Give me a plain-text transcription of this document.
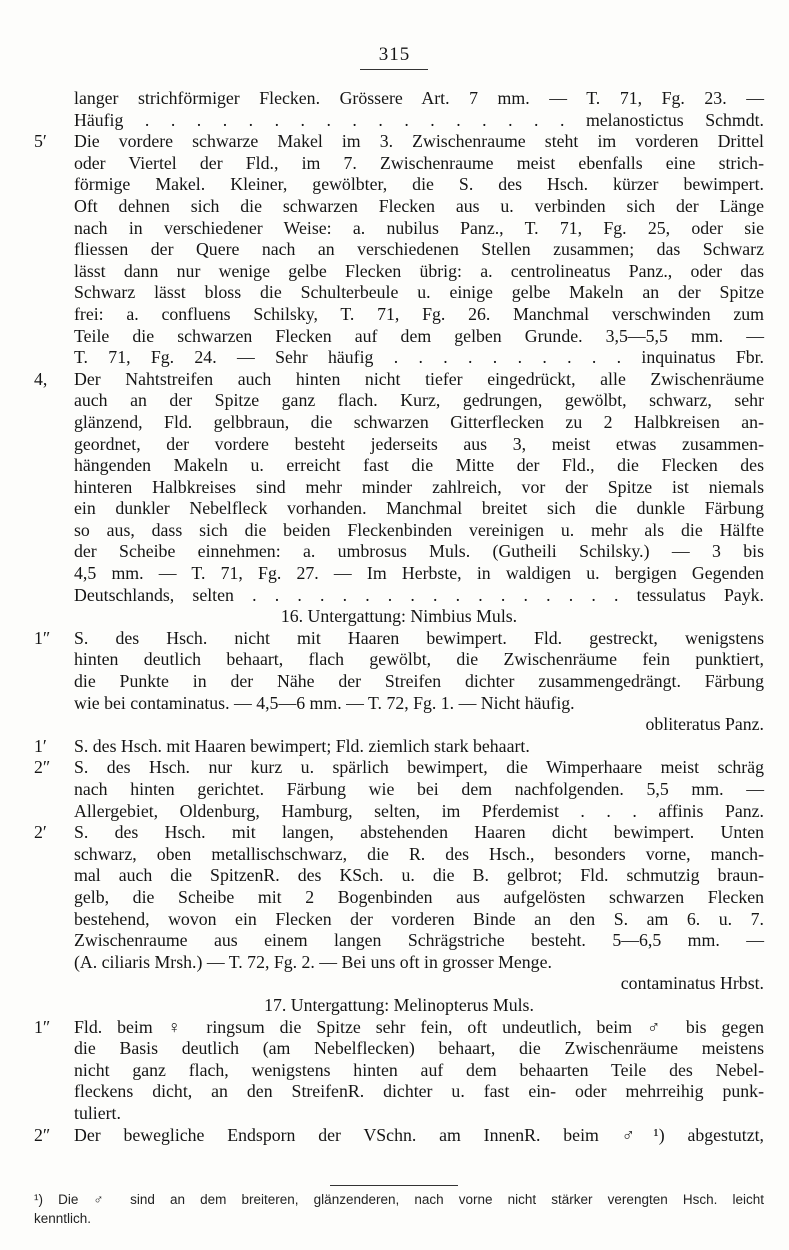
315
langer strichförmiger Flecken. Grössere Art. 7 mm. — T. 71, Fg. 23. —
Häufig . . . . . . . . . . . . . . . . . melanostictus Schmdt.
5′	Die vordere schwarze Makel im 3. Zwischenraume steht im vorderen Drittel
oder Viertel der Fld., im 7. Zwischenraume meist ebenfalls eine strich-
förmige Makel. Kleiner, gewölbter, die S. des Hsch. kürzer bewimpert.
Oft dehnen sich die schwarzen Flecken aus u. verbinden sich der Länge
nach in verschiedener Weise: a. nubilus Panz., T. 71, Fg. 25, oder sie
fliessen der Quere nach an verschiedenen Stellen zusammen; das Schwarz
lässt dann nur wenige gelbe Flecken übrig: a. centrolineatus Panz., oder das
Schwarz lässt bloss die Schulterbeule u. einige gelbe Makeln an der Spitze
frei: a. confluens Schilsky, T. 71, Fg. 26. Manchmal verschwinden zum
Teile die schwarzen Flecken auf dem gelben Grunde. 3,5—5,5 mm. —
T. 71, Fg. 24. — Sehr häufig . . . . . . . . . . inquinatus Fbr.
4,	Der Nahtstreifen auch hinten nicht tiefer eingedrückt, alle Zwischenräume
auch an der Spitze ganz flach. Kurz, gedrungen, gewölbt, schwarz, sehr
glänzend, Fld. gelbbraun, die schwarzen Gitterflecken zu 2 Halbkreisen an-
geordnet, der vordere besteht jederseits aus 3, meist etwas zusammen-
hängenden Makeln u. erreicht fast die Mitte der Fld., die Flecken des
hinteren Halbkreises sind mehr minder zahlreich, vor der Spitze ist niemals
ein dunkler Nebelfleck vorhanden. Manchmal breitet sich die dunkle Färbung
so aus, dass sich die beiden Fleckenbinden vereinigen u. mehr als die Hälfte
der Scheibe einnehmen: a. umbrosus Muls. (Gutheili Schilsky.) — 3 bis
4,5 mm. — T. 71, Fg. 27. — Im Herbste, in waldigen u. bergigen Gegenden
Deutschlands, selten . . . . . . . . . . . . . . . . . tessulatus Payk.
16. Untergattung: Nimbius Muls.
1″	S. des Hsch. nicht mit Haaren bewimpert. Fld. gestreckt, wenigstens
hinten deutlich behaart, flach gewölbt, die Zwischenräume fein punktiert,
die Punkte in der Nähe der Streifen dichter zusammengedrängt. Färbung
wie bei contaminatus. — 4,5—6 mm. — T. 72, Fg. 1. — Nicht häufig.
obliteratus Panz.
1′	S. des Hsch. mit Haaren bewimpert; Fld. ziemlich stark behaart.
2″	S. des Hsch. nur kurz u. spärlich bewimpert, die Wimperhaare meist schräg
nach hinten gerichtet. Färbung wie bei dem nachfolgenden. 5,5 mm. —
Allergebiet, Oldenburg, Hamburg, selten, im Pferdemist . . . affinis Panz.
2′	S. des Hsch. mit langen, abstehenden Haaren dicht bewimpert. Unten
schwarz, oben metallischschwarz, die R. des Hsch., besonders vorne, manch-
mal auch die SpitzenR. des KSch. u. die B. gelbrot; Fld. schmutzig braun-
gelb, die Scheibe mit 2 Bogenbinden aus aufgelösten schwarzen Flecken
bestehend, wovon ein Flecken der vorderen Binde an den S. am 6. u. 7.
Zwischenraume aus einem langen Schrägstriche besteht. 5—6,5 mm. —
(A. ciliaris Mrsh.) — T. 72, Fg. 2. — Bei uns oft in grosser Menge.
contaminatus Hrbst.
17. Untergattung: Melinopterus Muls.
1″	Fld. beim ♀ ringsum die Spitze sehr fein, oft undeutlich, beim ♂ bis gegen
die Basis deutlich (am Nebelflecken) behaart, die Zwischenräume meistens
nicht ganz flach, wenigstens hinten auf dem behaarten Teile des Nebel-
fleckens dicht, an den StreifenR. dichter u. fast ein- oder mehrreihig punk-
tuliert.
2″	Der bewegliche Endsporn der VSchn. am InnenR. beim ♂¹) abgestutzt,
¹) Die ♂ sind an dem breiteren, glänzenderen, nach vorne nicht stärker verengten Hsch. leicht
kenntlich.
